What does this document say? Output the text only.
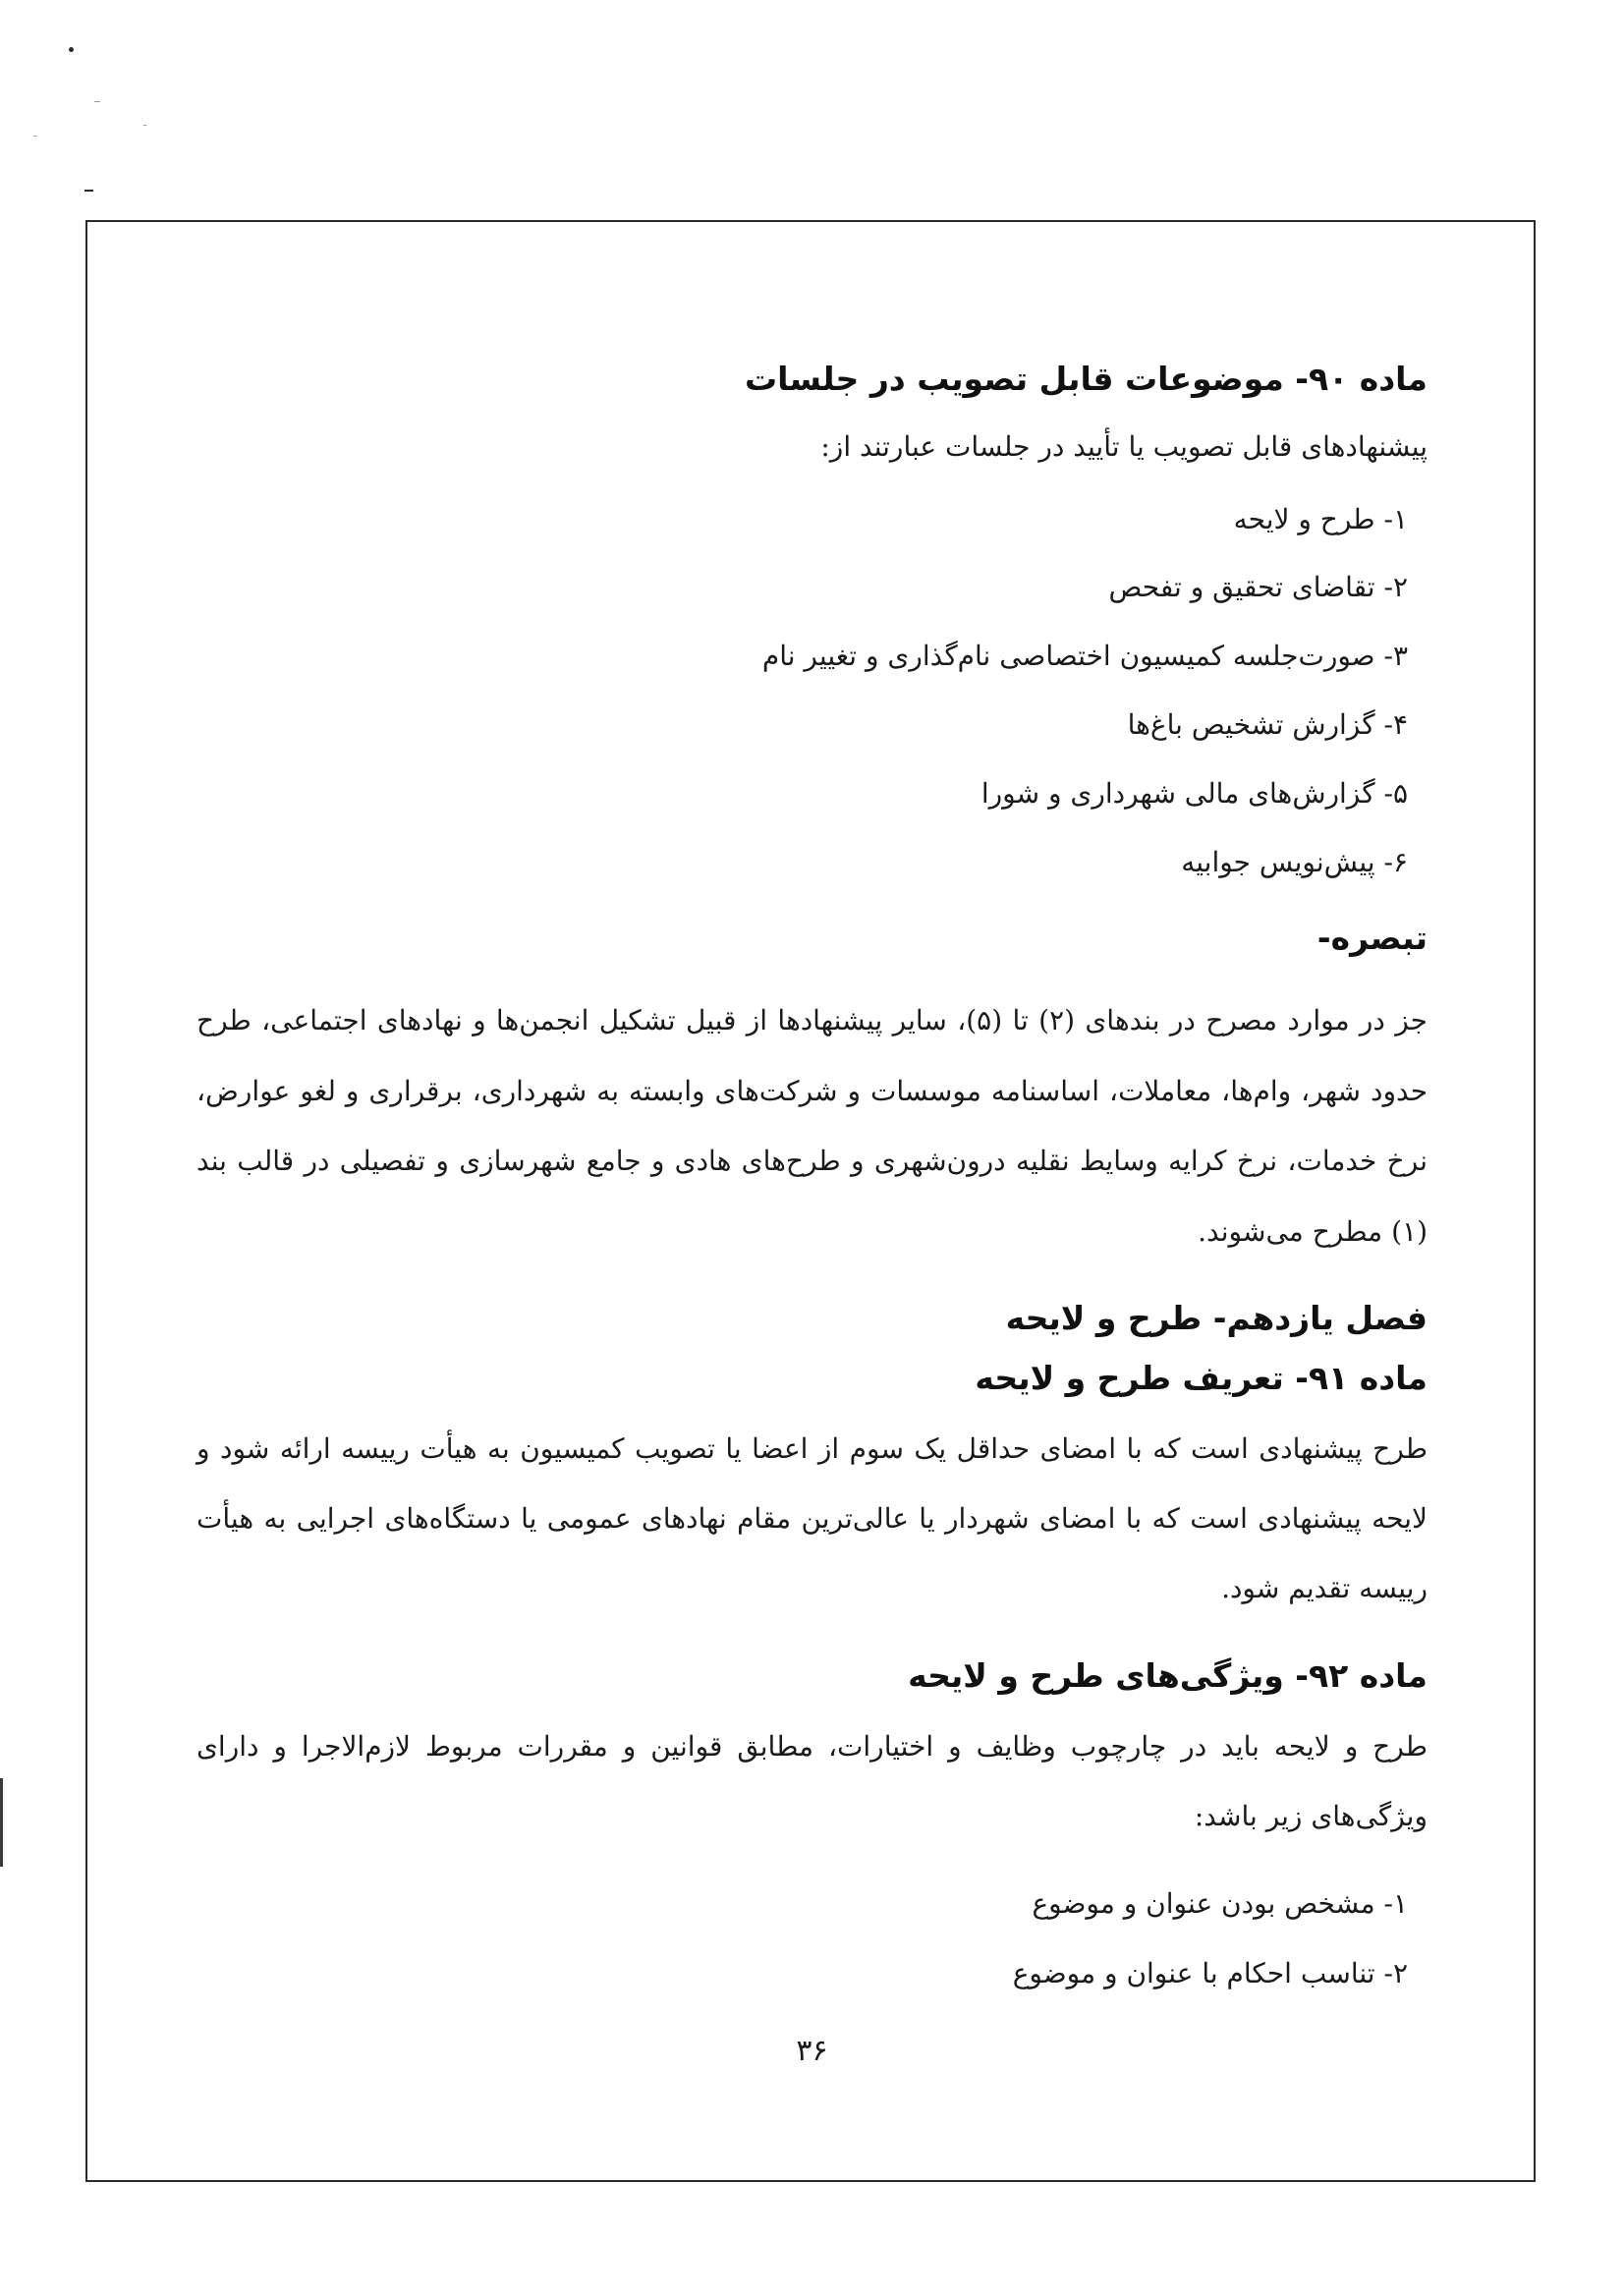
ماده ۹۰- موضوعات قابل تصویب در جلسات

پیشنهادهای قابل تصویب یا تأیید در جلسات عبارتند از:

۱- طرح و لایحه
۲- تقاضای تحقیق و تفحص
۳- صورت‌جلسه کمیسیون اختصاصی نام‌گذاری و تغییر نام
۴- گزارش تشخیص باغ‌ها
۵- گزارش‌های مالی شهرداری و شورا
۶- پیش‌نویس جوابیه
تبصره-

جز در موارد مصرح در بندهای (۲) تا (۵)، سایر پیشنهادها از قبیل تشکیل انجمن‌ها و نهادهای اجتماعی، طرح حدود شهر، وام‌ها، معاملات، اساسنامه موسسات و شرکت‌های وابسته به شهرداری، برقراری و لغو عوارض، نرخ خدمات، نرخ کرایه وسایط نقلیه درون‌شهری و طرح‌های هادی و جامع شهرسازی و تفصیلی در قالب بند (۱) مطرح می‌شوند.

فصل یازدهم- طرح و لایحه
ماده ۹۱- تعریف طرح و لایحه

طرح پیشنهادی است که با امضای حداقل یک سوم از اعضا یا تصویب کمیسیون به هیأت رییسه ارائه شود و لایحه پیشنهادی است که با امضای شهردار یا عالی‌ترین مقام نهادهای عمومی یا دستگاه‌های اجرایی به هیأت رییسه تقدیم شود.

ماده ۹۲- ویژگی‌های طرح و لایحه

طرح و لایحه باید در چارچوب وظایف و اختیارات، مطابق قوانین و مقررات مربوط لازم‌الاجرا و دارای ویژگی‌های زیر باشد:

۱- مشخص بودن عنوان و موضوع
۲- تناسب احکام با عنوان و موضوع
۳۶
